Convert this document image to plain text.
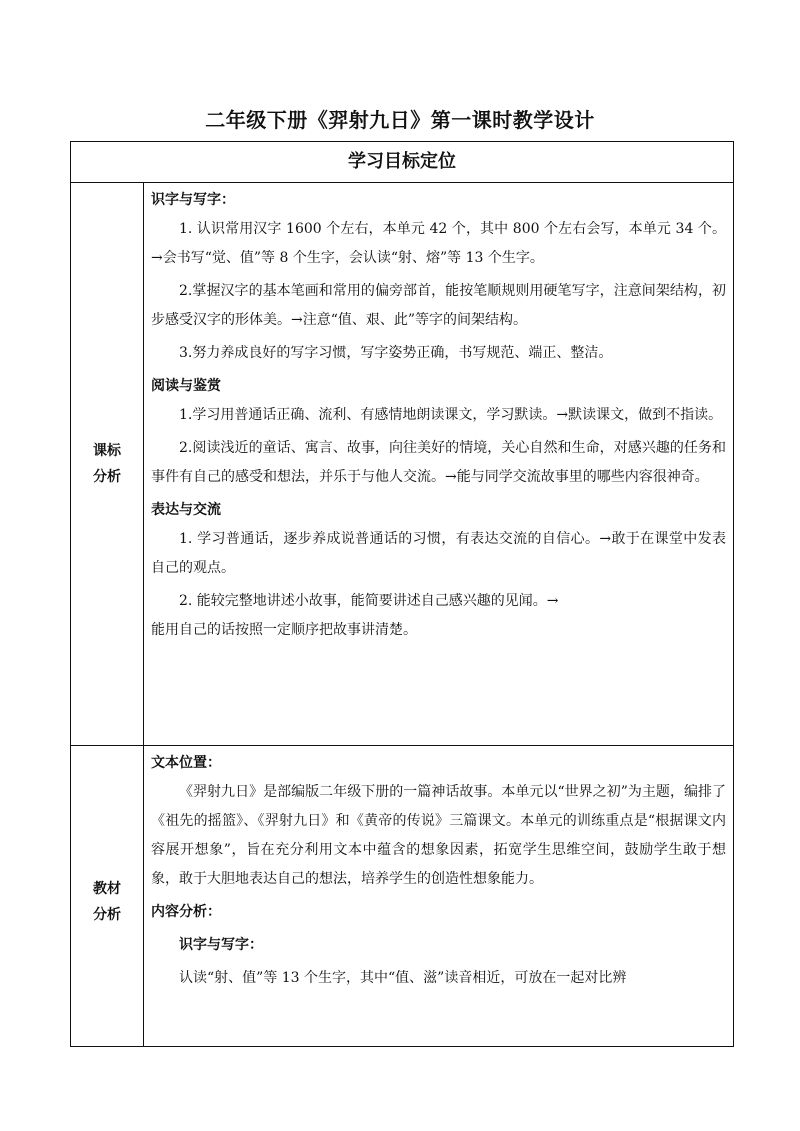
二年级下册《羿射九日》第一课时教学设计
学习目标定位
课标
分析

识字与写字：

1. 认识常用汉字 1600 个左右，本单元 42 个，其中 800 个左右会写，本单元 34 个。→会书写“觉、值”等 8 个生字，会认读“射、熔”等 13 个生字。

2.掌握汉字的基本笔画和常用的偏旁部首，能按笔顺规则用硬笔写字，注意间架结构，初步感受汉字的形体美。→注意“值、艰、此”等字的间架结构。

3.努力养成良好的写字习惯，写字姿势正确，书写规范、端正、整洁。

阅读与鉴赏

1.学习用普通话正确、流利、有感情地朗读课文，学习默读。→默读课文，做到不指读。

2.阅读浅近的童话、寓言、故事，向往美好的情境，关心自然和生命，对感兴趣的任务和事件有自己的感受和想法，并乐于与他人交流。→能与同学交流故事里的哪些内容很神奇。

表达与交流

1. 学习普通话，逐步养成说普通话的习惯，有表达交流的自信心。→敢于在课堂中发表自己的观点。

2. 能较完整地讲述小故事，能简要讲述自己感兴趣的见闻。→

能用自己的话按照一定顺序把故事讲清楚。

教材
分析

文本位置：

《羿射九日》是部编版二年级下册的一篇神话故事。本单元以“世界之初”为主题，编排了《祖先的摇篮》、《羿射九日》和《黄帝的传说》三篇课文。本单元的训练重点是“根据课文内容展开想象”，旨在充分利用文本中蕴含的想象因素，拓宽学生思维空间，鼓励学生敢于想象，敢于大胆地表达自己的想法，培养学生的创造性想象能力。

内容分析：

识字与写字：

认读“射、值”等 13 个生字，其中“值、滋”读音相近，可放在一起对比辨
